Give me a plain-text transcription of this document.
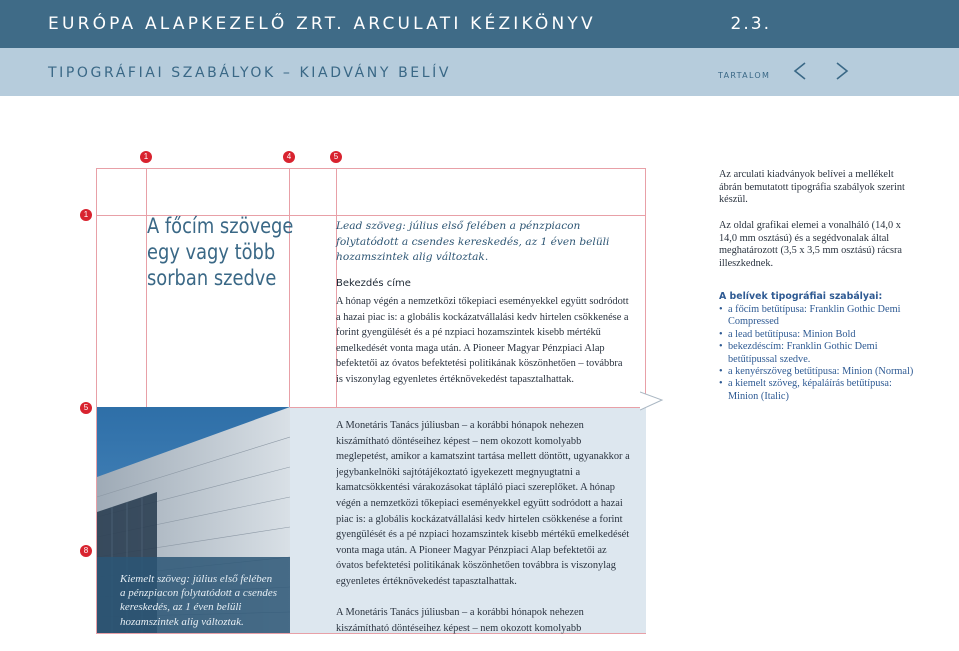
EURÓPA ALAPKEZELŐ ZRT. ARCULATI KÉZIKÖNYV	2.3.
TIPOGRÁFIAI SZABÁLYOK – KIADVÁNY BELÍV	TARTALOM
1	4	5
1
5
8
Kiemelt szöveg: július első felében a pénzpiacon folytatódott a csendes kereskedés, az 1 éven belüli hozamszintek alig változtak.
A főcím szövege
egy vagy több
sorban szedve
Lead szöveg: július első felében a pénzpiacon folytatódott a csendes kereskedés, az 1 éven belüli hozamszintek alig változtak.
Bekezdés címe
A hónap végén a nemzetközi tőkepiaci eseményekkel együtt sodródott a hazai piac is: a globális kockázatvállalási kedv hirtelen csökkenése a forint gyengülését és a pé nzpiaci hozamszintek kisebb mértékű emelkedését vonta maga után. A Pioneer Magyar Pénzpiaci Alap befektetői az óvatos befektetési politikának köszönhetően – továbbra is viszonylag egyenletes értéknövekedést tapasztalhattak.

A Monetáris Tanács júliusban – a korábbi hónapok nehezen kiszámítható döntéseihez képest – nem okozott komolyabb meglepetést, amikor a kamatszint tartása mellett döntött, ugyanakkor a jegybankelnöki sajtótájékoztató igyekezett megnyugtatni a kamatcsökkentési várakozásokat tápláló piaci szereplőket. A hónap végén a nemzetközi tőkepiaci eseményekkel együtt sodródott a hazai piac is: a globális kockázatvállalási kedv hirtelen csökkenése a forint gyengülését és a pé nzpiaci hozamszintek kisebb mértékű emelkedését vonta maga után. A Pioneer Magyar Pénzpiaci Alap befektetői az óvatos befektetési politikának köszönhetően továbbra is viszonylag egyenletes értéknövekedést tapasztalhattak.

A Monetáris Tanács júliusban – a korábbi hónapok nehezen kiszámítható döntéseihez képest – nem okozott komolyabb

Az arculati kiadványok belívei a mellékelt ábrán bemutatott tipográfia szabályok szerint készül.
Az oldal grafikai elemei a vonalháló (14,0 x 14,0 mm osztású) és a segédvonalak által meghatározott (3,5 x 3,5 mm osztású) rácsra illeszkednek.
A belívek tipográfiai szabályai:
• a főcím betűtípusa: Franklin Gothic Demi Compressed
• a lead betűtípusa: Minion Bold
• bekezdéscím: Franklin Gothic Demi betűtípussal szedve.
• a kenyérszöveg betűtípusa: Minion (Normal)
• a kiemelt szöveg, képaláírás betűtípusa: Minion (Italic)
